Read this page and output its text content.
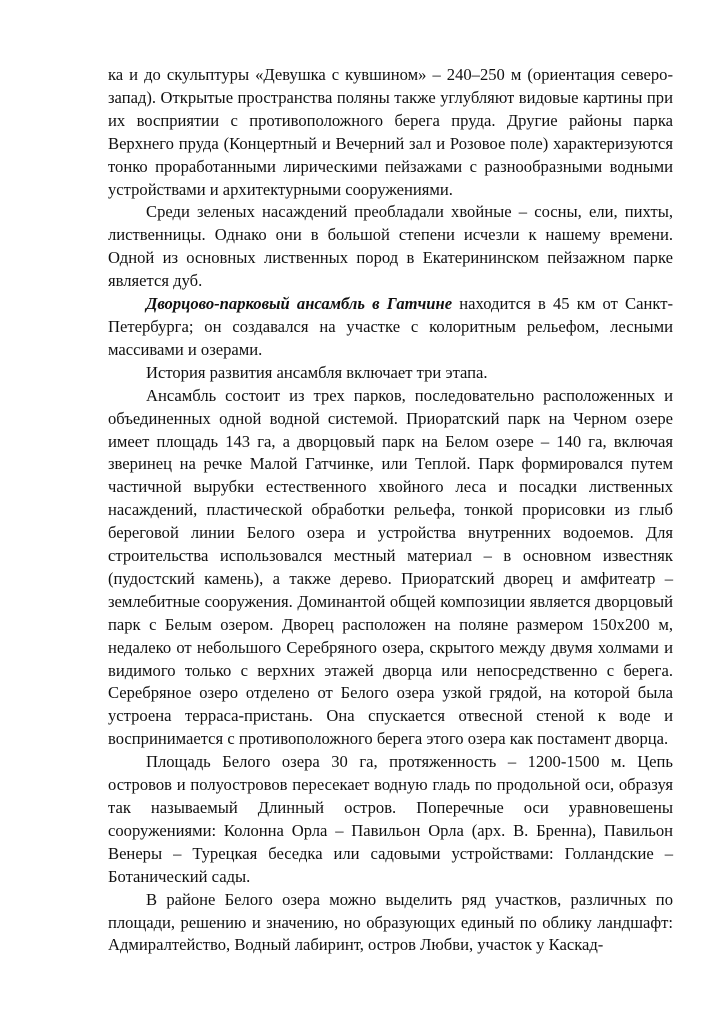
ка и до скульптуры «Девушка с кувшином» – 240–250 м (ориентация северо-запад). Открытые пространства поляны также углубляют видовые картины при их восприятии с противоположного берега пруда. Другие районы парка Верхнего пруда (Концертный и Вечерний зал и Розовое поле) характеризуются тонко проработанными лирическими пейзажами с разнообразными водными устройствами и архитектурными сооружениями.

Среди зеленых насаждений преобладали хвойные – сосны, ели, пихты, лиственницы. Однако они в большой степени исчезли к нашему времени. Одной из основных лиственных пород в Екатерининском пейзажном парке является дуб.

Дворцово-парковый ансамбль в Гатчине находится в 45 км от Санкт-Петербурга; он создавался на участке с колоритным рельефом, лесными массивами и озерами.

История развития ансамбля включает три этапа.

Ансамбль состоит из трех парков, последовательно расположенных и объединенных одной водной системой. Приоратский парк на Черном озере имеет площадь 143 га, а дворцовый парк на Белом озере – 140 га, включая зверинец на речке Малой Гатчинке, или Теплой. Парк формировался путем частичной вырубки естественного хвойного леса и посадки лиственных насаждений, пластической обработки рельефа, тонкой прорисовки из глыб береговой линии Белого озера и устройства внутренних водоемов. Для строительства использовался местный материал – в основном известняк (пудостский камень), а также дерево. Приоратский дворец и амфитеатр – землебитные сооружения. Доминантой общей композиции является дворцовый парк с Белым озером. Дворец расположен на поляне размером 150х200 м, недалеко от небольшого Серебряного озера, скрытого между двумя холмами и видимого только с верхних этажей дворца или непосредственно с берега. Серебряное озеро отделено от Белого озера узкой грядой, на которой была устроена терраса-пристань. Она спускается отвесной стеной к воде и воспринимается с противоположного берега этого озера как постамент дворца.

Площадь Белого озера 30 га, протяженность – 1200-1500 м. Цепь островов и полуостровов пересекает водную гладь по продольной оси, образуя так называемый Длинный остров. Поперечные оси уравновешены сооружениями: Колонна Орла – Павильон Орла (арх. В. Бренна), Павильон Венеры – Турецкая беседка или садовыми устройствами: Голландские – Ботанический сады.

В районе Белого озера можно выделить ряд участков, различных по площади, решению и значению, но образующих единый по облику ландшафт: Адмиралтейство, Водный лабиринт, остров Любви, участок у Каскад-
